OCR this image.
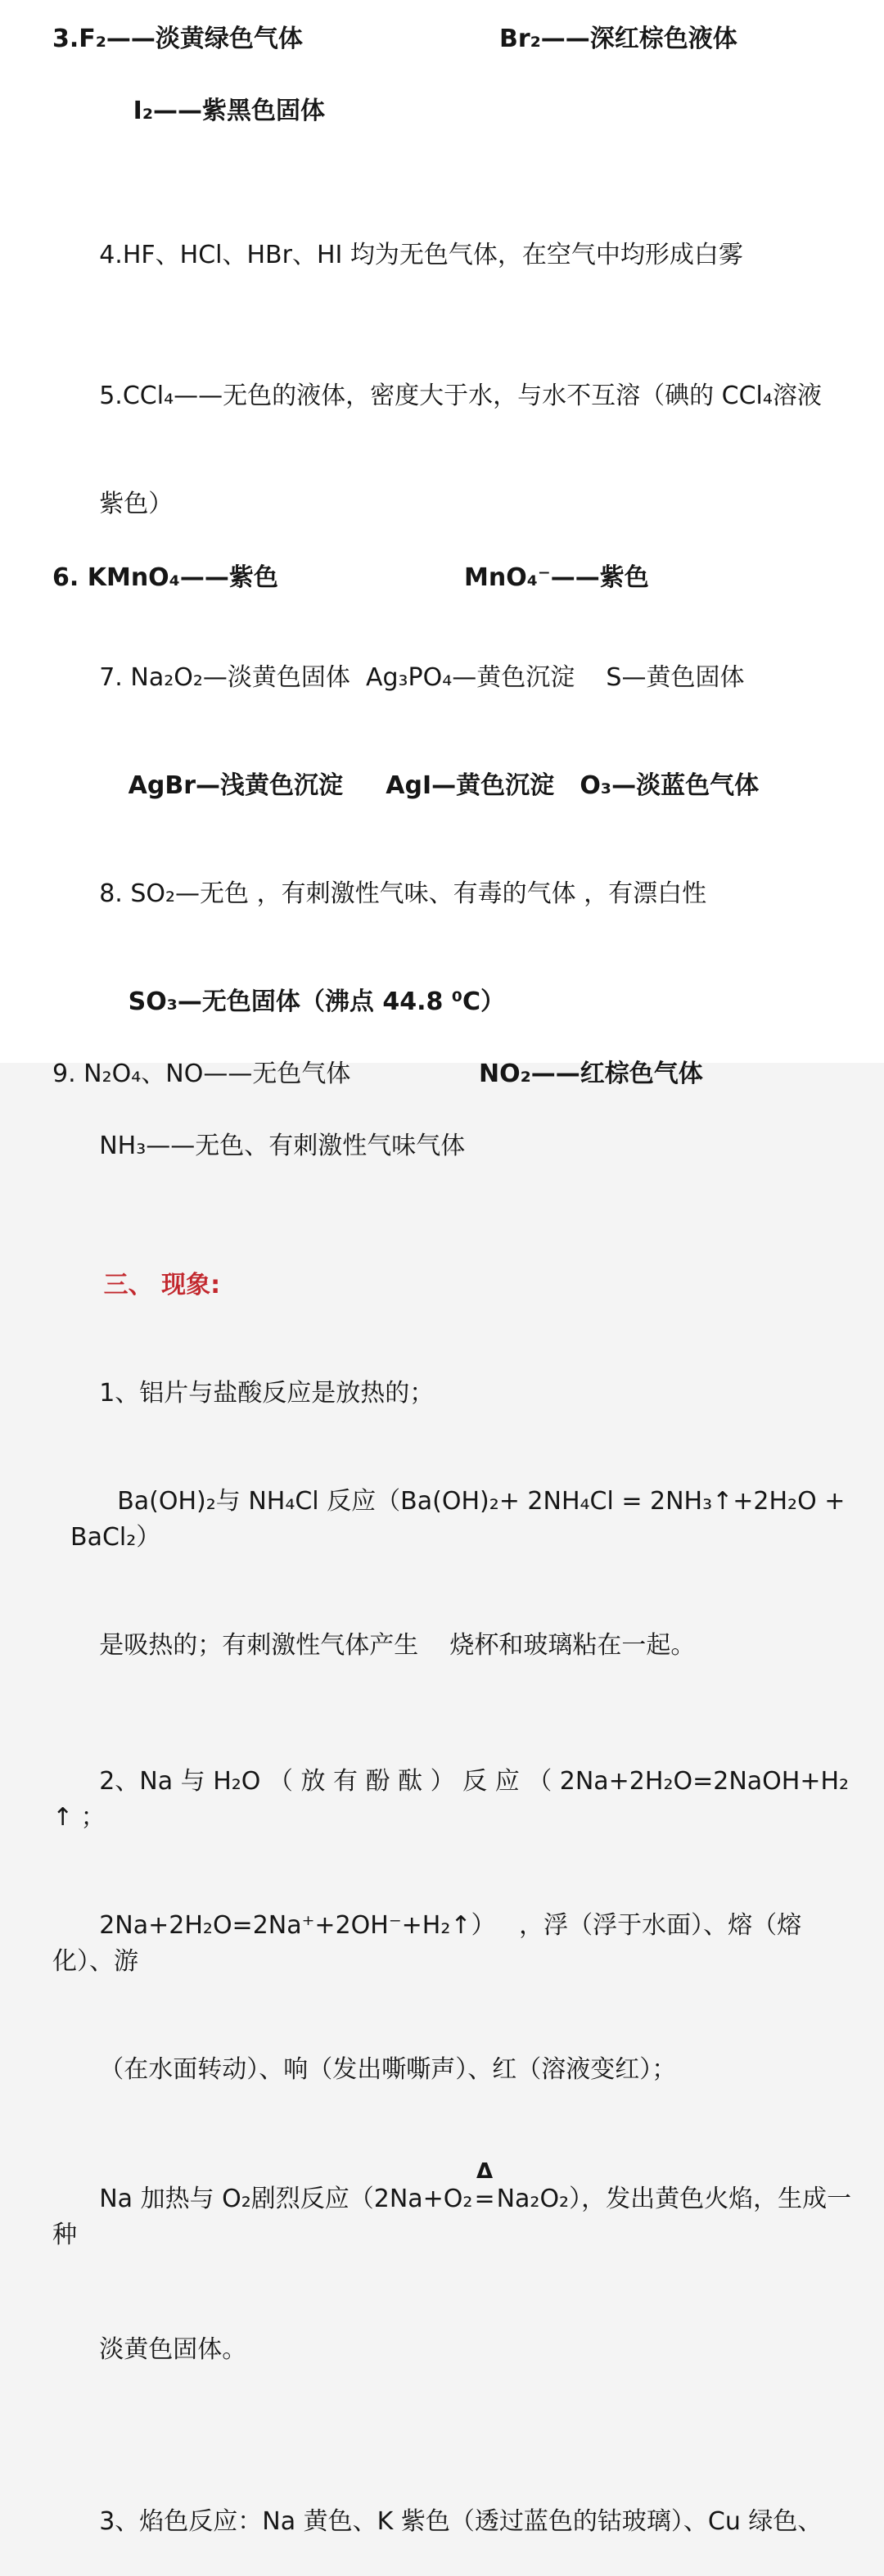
3.F₂——淡黄绿色气体	Br₂——深红棕色液体

I₂——紫黑色固体

4.HF、HCl、HBr、HI 均为无色气体，在空气中均形成白雾

5.CCl₄——无色的液体，密度大于水，与水不互溶（碘的 CCl₄溶液

紫色）

6. KMnO₄——紫色	MnO₄⁻——紫色

7. Na₂O₂—淡黄色固体  Ag₃PO₄—黄色沉淀    S—黄色固体

AgBr—浅黄色沉淀     AgI—黄色沉淀   O₃—淡蓝色气体

8. SO₂—无色 ，有刺激性气味、有毒的气体 ，有漂白性

SO₃—无色固体（沸点 44.8 ⁰C）

9. N₂O₄、NO——无色气体	NO₂——红棕色气体

NH₃——无色、有刺激性气味气体

三、 现象:

1、铝片与盐酸反应是放热的；

Ba(OH)₂与 NH₄Cl 反应（Ba(OH)₂+ 2NH₄Cl = 2NH₃↑+2H₂O + BaCl₂）

是吸热的；有刺激性气体产生    烧杯和玻璃粘在一起。

2、Na 与 H₂O （ 放 有 酚 酞 ） 反 应 （ 2Na+2H₂O=2NaOH+H₂ ↑ ；

2Na+2H₂O=2Na⁺+2OH⁻+H₂↑）   ，浮（浮于水面）、熔（熔化）、游

（在水面转动）、响（发出嘶嘶声）、红（溶液变红）；

Na 加热与 O₂剧烈反应（2Na+O₂
Δ
=Na₂O₂），发出黄色火焰，生成一种

淡黄色固体。

3、焰色反应：Na 黄色、K 紫色（透过蓝色的钴玻璃）、Cu 绿色、
